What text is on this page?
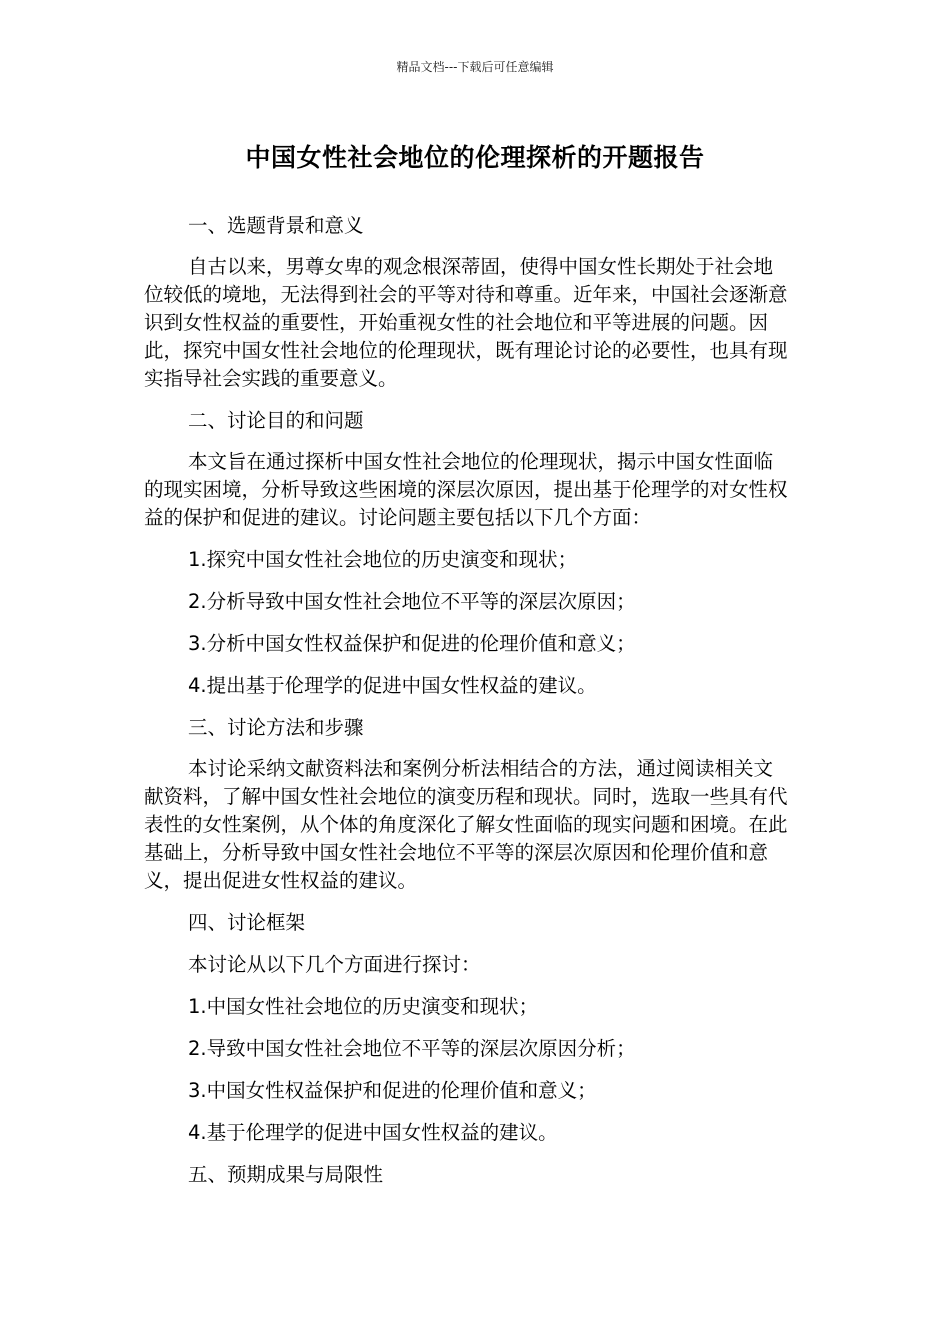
精品文档---下载后可任意编辑
中国女性社会地位的伦理探析的开题报告

一、选题背景和意义

自古以来，男尊女卑的观念根深蒂固，使得中国女性长期处于社会地位较低的境地，无法得到社会的平等对待和尊重。近年来，中国社会逐渐意识到女性权益的重要性，开始重视女性的社会地位和平等进展的问题。因此，探究中国女性社会地位的伦理现状，既有理论讨论的必要性，也具有现实指导社会实践的重要意义。

二、讨论目的和问题

本文旨在通过探析中国女性社会地位的伦理现状，揭示中国女性面临的现实困境，分析导致这些困境的深层次原因，提出基于伦理学的对女性权益的保护和促进的建议。讨论问题主要包括以下几个方面：

1.探究中国女性社会地位的历史演变和现状；

2.分析导致中国女性社会地位不平等的深层次原因；

3.分析中国女性权益保护和促进的伦理价值和意义；

4.提出基于伦理学的促进中国女性权益的建议。

三、讨论方法和步骤

本讨论采纳文献资料法和案例分析法相结合的方法，通过阅读相关文献资料，了解中国女性社会地位的演变历程和现状。同时，选取一些具有代表性的女性案例，从个体的角度深化了解女性面临的现实问题和困境。在此基础上，分析导致中国女性社会地位不平等的深层次原因和伦理价值和意义，提出促进女性权益的建议。

四、讨论框架

本讨论从以下几个方面进行探讨：

1.中国女性社会地位的历史演变和现状；

2.导致中国女性社会地位不平等的深层次原因分析；

3.中国女性权益保护和促进的伦理价值和意义；

4.基于伦理学的促进中国女性权益的建议。

五、预期成果与局限性
